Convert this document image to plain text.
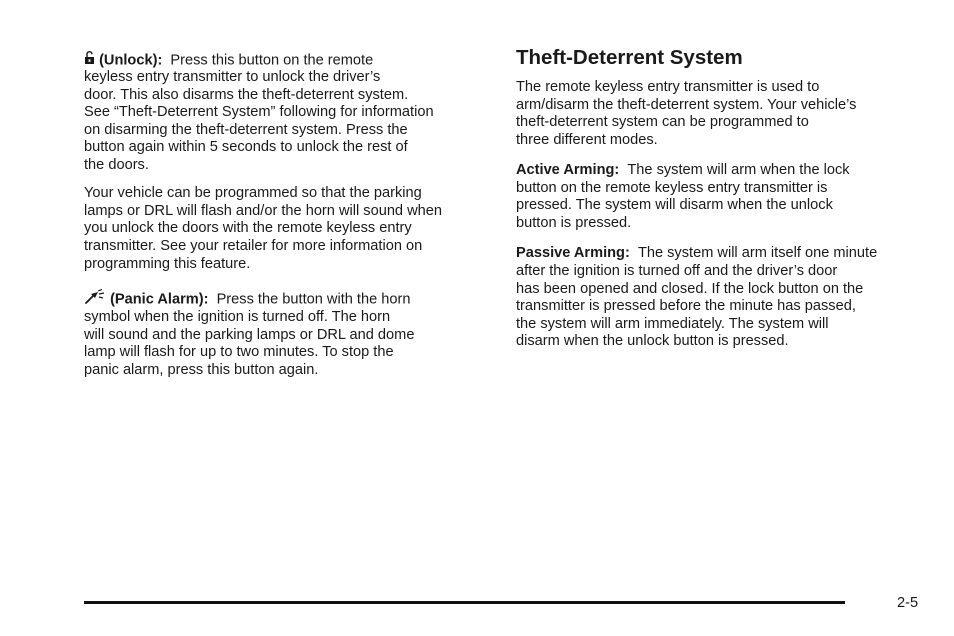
(Unlock): Press this button on the remote
keyless entry transmitter to unlock the driver’s
door. This also disarms the theft-deterrent system.
See “Theft-Deterrent System” following for information
on disarming the theft-deterrent system. Press the
button again within 5 seconds to unlock the rest of
the doors.
Your vehicle can be programmed so that the parking
lamps or DRL will flash and/or the horn will sound when
you unlock the doors with the remote keyless entry
transmitter. See your retailer for more information on
programming this feature.
(Panic Alarm): Press the button with the horn
symbol when the ignition is turned off. The horn
will sound and the parking lamps or DRL and dome
lamp will flash for up to two minutes. To stop the
panic alarm, press this button again.
Theft-Deterrent System
The remote keyless entry transmitter is used to
arm/disarm the theft-deterrent system. Your vehicle’s
theft-deterrent system can be programmed to
three different modes.
Active Arming: The system will arm when the lock
button on the remote keyless entry transmitter is
pressed. The system will disarm when the unlock
button is pressed.
Passive Arming: The system will arm itself one minute
after the ignition is turned off and the driver’s door
has been opened and closed. If the lock button on the
transmitter is pressed before the minute has passed,
the system will arm immediately. The system will
disarm when the unlock button is pressed.
2-5
